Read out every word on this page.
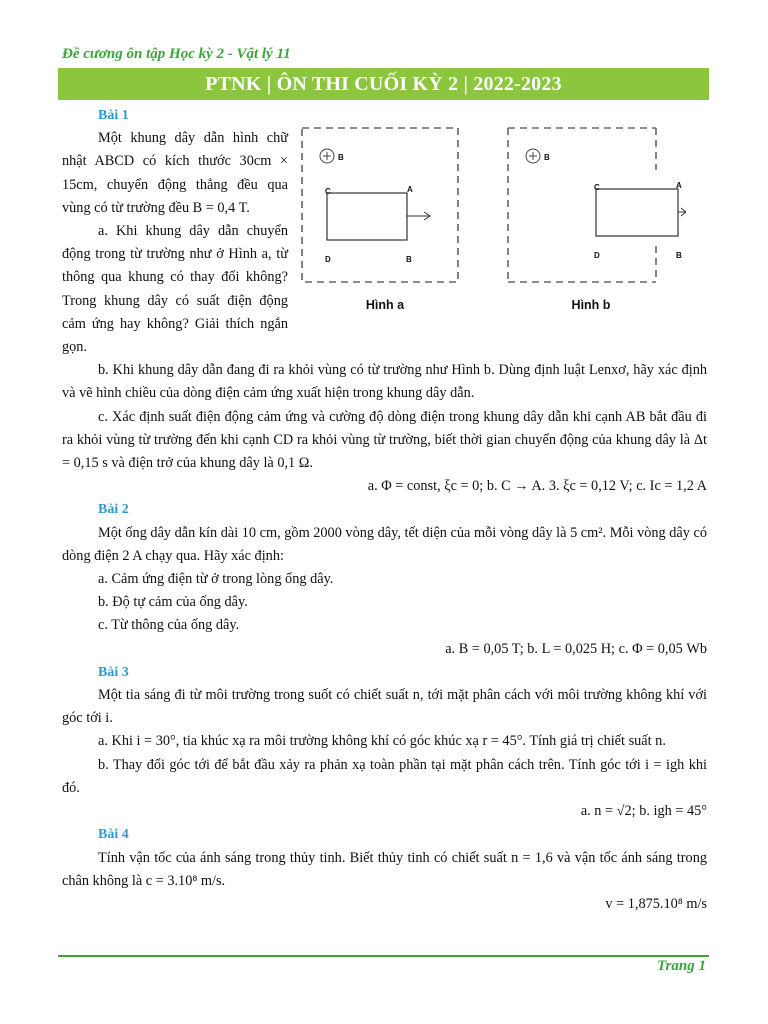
Đề cương ôn tập Học kỳ 2 - Vật lý 11
PTNK | ÔN THI CUỐI KỲ 2 | 2022-2023
Bài 1

Một khung dây dẫn hình chữ nhật ABCD có kích thước 30cm × 15cm, chuyển động thẳng đều qua vùng có từ trường đều B = 0,4 T.

a. Khi khung dây dẫn chuyển động trong từ trường như ở Hình a, từ thông qua khung có thay đổi không? Trong khung dây có suất điện động cảm ứng hay không? Giải thích ngắn gọn.

B
C	A
D	B
Hình a
B
C	A
D	B
Hình b

b. Khi khung dây dẫn đang đi ra khỏi vùng có từ trường như Hình b. Dùng định luật Lenxơ, hãy xác định và vẽ hình chiều của dòng điện cảm ứng xuất hiện trong khung dây dẫn.

c. Xác định suất điện động cảm ứng và cường độ dòng điện trong khung dây dẫn khi cạnh AB bắt đầu đi ra khỏi vùng từ trường đến khi cạnh CD ra khỏi vùng từ trường, biết thời gian chuyển động của khung dây là Δt = 0,15 s và điện trở của khung dây là 0,1 Ω.

a. Φ = const, ξc = 0; b. C → A. 3. ξc = 0,12 V; c. Ic = 1,2 A

Bài 2

Một ống dây dẫn kín dài 10 cm, gồm 2000 vòng dây, tết diện của mỗi vòng dây là 5 cm². Mỗi vòng dây có dòng điện 2 A chạy qua. Hãy xác định:

a. Cảm ứng điện từ ở trong lòng ống dây.

b. Độ tự cảm của ống dây.

c. Từ thông của ống dây.

a. B = 0,05 T; b. L = 0,025 H; c. Φ = 0,05 Wb

Bài 3

Một tia sáng đi từ môi trường trong suốt có chiết suất n, tới mặt phân cách với môi trường không khí với góc tới i.

a. Khi i = 30°, tia khúc xạ ra môi trường không khí có góc khúc xạ r = 45°. Tính giá trị chiết suất n.

b. Thay đổi góc tới để bắt đầu xảy ra phản xạ toàn phần tại mặt phân cách trên. Tính góc tới i = igh khi đó.

a. n = √2; b. igh = 45°

Bài 4

Tính vận tốc của ánh sáng trong thủy tinh. Biết thủy tinh có chiết suất n = 1,6 và vận tốc ánh sáng trong chân không là c = 3.10⁸ m/s.

v = 1,875.10⁸ m/s

Trang 1
